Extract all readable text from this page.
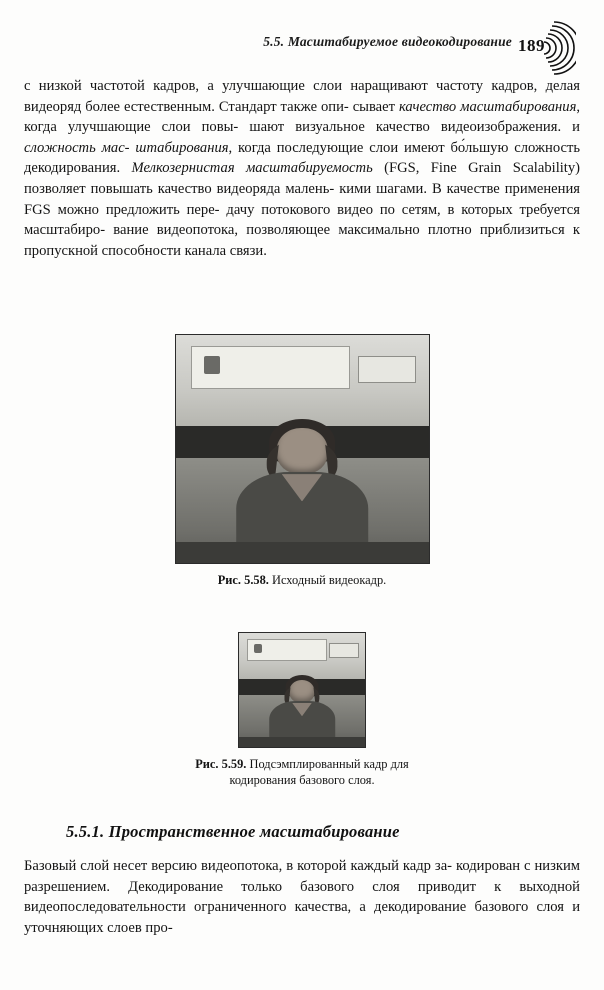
5.5. Масштабируемое видеокодирование 189
с низкой частотой кадров, а улучшающие слои наращивают частоту кадров, делая видеоряд более естественным. Стандарт также опи- сывает качество масштабирования, когда улучшающие слои повы- шают визуальное качество видеоизображения. и сложность мас- штабирования, когда последующие слои имеют бо́льшую сложность декодирования. Мелкозернистая масштабируемость (FGS, Fine Grain Scalability) позволяет повышать качество видеоряда малень- кими шагами. В качестве применения FGS можно предложить пере- дачу потокового видео по сетям, в которых требуется масштабиро- вание видеопотока, позволяющее максимально плотно приблизиться к пропускной способности канала связи.
Рис. 5.58. Исходный видеокадр.
Рис. 5.59. Подсэмплированный кадр для
кодирования базового слоя.
5.5.1. Пространственное масштабирование
Базовый слой несет версию видеопотока, в которой каждый кадр за- кодирован с низким разрешением. Декодирование только базового слоя приводит к выходной видеопоследовательности ограниченного качества, а декодирование базового слоя и уточняющих слоев про-
